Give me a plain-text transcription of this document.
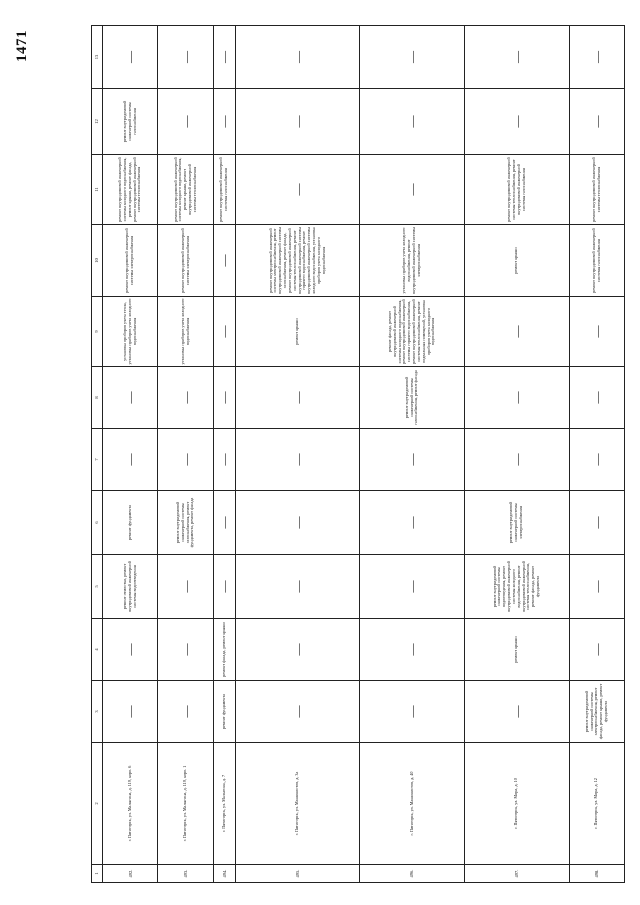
1471
1	2	3	4	5	6	7	8	9	10	11	12	13
492.	г. Пятигорск, ул. Малыгина, д. 119, корп. 6	—	—	ремонт отмостки, ремонт внутридомовой инженерной системы водоотведения	ремонт фундамента	—	—	установка приборов учета тепла, установка приборов учета холодного водоснабжения	ремонт внутридомовой инженерной системы электроснабжения	ремонт внутридомовой инженерной системы холодного водоснабжения, ремонт крыши, ремонт фасада, ремонт внутридомовой инженерной системы теплоснабжения	ремонт внутридомовой инженерной системы газоснабжения	—
493.	г. Пятигорск, ул. Малыгина, д. 119, корп. 1	—	—	—	ремонт внутридомовой инженерной системы газоснабжения, ремонт фундамента, ремонт фасада	—	—	установка приборов учета холодного водоснабжения	ремонт внутридомовой инженерной системы электроснабжения	ремонт внутридомовой инженерной системы холодного водоснабжения, ремонт крыши, ремонт внутридомовой инженерной системы теплоснабжения	—	—
494.	г. Пятигорск, ул. Малыгина, д. 7	ремонт фундамента	ремонт фасада, ремонт крыши	—	—	—	—	—	—	ремонт внутридомовой инженерной системы газоснабжения	—	—
495.	г. Пятигорск, ул. Машинистов, д. 3а	—	—	—	—	—	—	ремонт крыши	ремонт внутридомовой инженерной системы электроснабжения, ремонт внутридомовой инженерной системы газоснабжения, ремонт фасада, ремонт внутридомовой инженерной системы теплоснабжения, ремонт внутридомовой инженерной системы горячего водоснабжения, ремонт внутридомовой инженерной системы холодного водоснабжения, установка приборов учета холодного водоснабжения	—	—	—
496.	г. Пятигорск, ул. Машинистов, д. 40	—	—	—	—	—	ремонт внутридомовой инженерной системы газоснабжения, ремонт фасада	ремонт фасада, ремонт внутридомовой инженерной системы холодного водоснабжения, ремонт внутридомовой инженерной системы горячего водоснабжения, ремонт внутридомовой инженерной системы теплоснабжения, ремонт подвальных помещений, установка приборов учета холодного водоснабжения	установка приборов учета холодного водоснабжения, ремонт внутридомовой инженерной системы электроснабжения	—	—	—
497.	г. Пятигорск, ул. Мира, д. 10	—	ремонт крыши	ремонт внутридомовой инженерной системы водоотведения, ремонт внутридомовой инженерной системы холодного водоснабжения, ремонт внутридомовой инженерной системы теплоснабжения, ремонт фасада, ремонт фундамента	ремонт внутридомовой инженерной системы электроснабжения	—	—	—	ремонт крыши	ремонт внутридомовой инженерной системы теплоснабжения, ремонт внутридомовой инженерной системы газоснабжения	—	—
498.	г. Пятигорск, ул. Мира, д. 12	ремонт внутридомовой инженерной системы электроснабжения, ремонт фасада, ремонт крыши, ремонт фундамента	—	—	—	—	—	—	ремонт внутридомовой инженерной системы газоснабжения	ремонт внутридомовой инженерной системы теплоснабжения	—	—
